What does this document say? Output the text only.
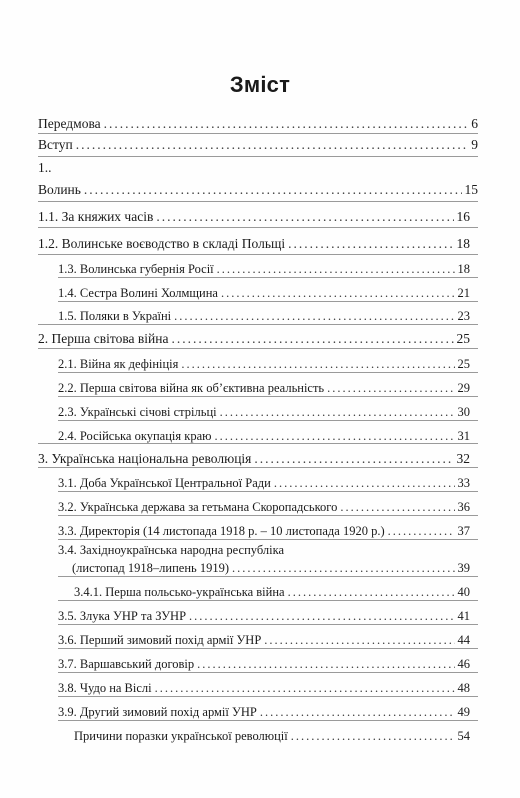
Зміст
Передмова .....	6
Вступ .....	9
1..
Волинь .....	15
1.1. За княжих часів .....	16
1.2. Волинське воєводство в складі Польщі .....	18
1.3. Волинська губернія Росії .....	18
1.4. Сестра Волині Холмщина .....	21
1.5. Поляки в Україні .....	23
2. Перша світова війна .....	25
2.1. Війна як дефініція .....	25
2.2. Перша світова війна як об’єктивна реальність .....	29
2.3. Українські січові стрільці .....	30
2.4. Російська окупація краю .....	31
3. Українська національна революція .....	32
3.1. Доба Української Центральної Ради .....	33
3.2. Українська держава за гетьмана Скоропадського .....	36
3.3. Директорія (14 листопада 1918 р. – 10 листопада 1920 р.) .....	37
3.4. Західноукраїнська народна республіка
(листопад 1918–липень 1919) .....	39
3.4.1. Перша польсько-українська війна .....	40
3.5. Злука УНР та ЗУНР .....	41
3.6. Перший зимовий похід армії УНР .....	44
3.7. Варшавський договір .....	46
3.8. Чудо на Віслі .....	48
3.9. Другий зимовий похід армії УНР .....	49
Причини поразки української революції .....	54
